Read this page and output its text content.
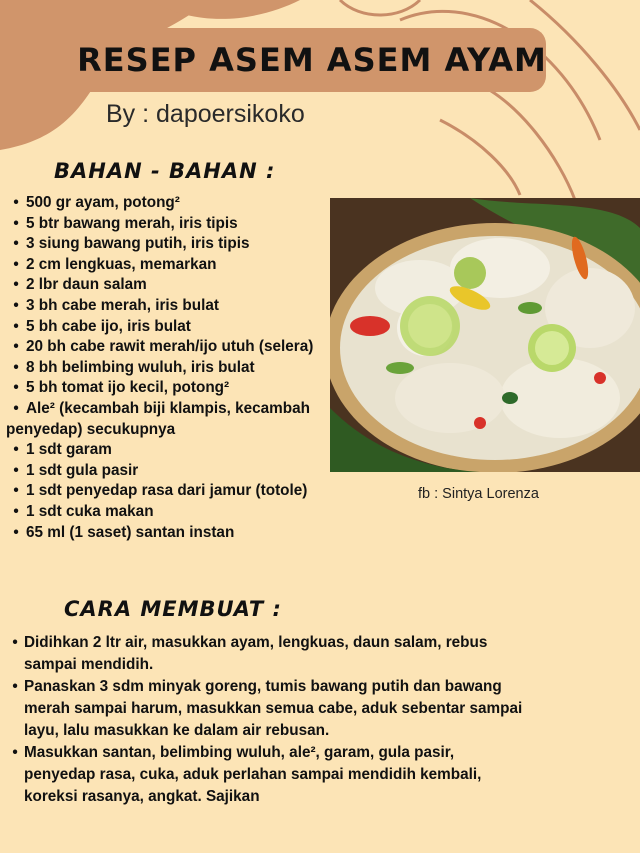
RESEP ASEM ASEM AYAM
By : dapoersikoko
BAHAN - BAHAN :
• 500 gr ayam, potong²
• 5 btr bawang merah, iris tipis
• 3 siung bawang putih, iris tipis
• 2 cm lengkuas, memarkan
• 2 lbr daun salam
• 3 bh cabe merah, iris bulat
• 5 bh cabe ijo, iris bulat
• 20 bh cabe rawit merah/ijo utuh (selera)
• 8 bh belimbing wuluh, iris bulat
• 5 bh tomat ijo kecil, potong²
• Ale² (kecambah biji klampis, kecambah penyedap) secukupnya
• 1 sdt garam
• 1 sdt gula pasir
• 1 sdt penyedap rasa dari jamur (totole)
• 1 sdt cuka makan
• 65 ml (1 saset) santan instan
fb : Sintya Lorenza
CARA MEMBUAT :
• Didihkan 2 ltr air, masukkan ayam, lengkuas, daun salam, rebus sampai mendidih.
• Panaskan 3 sdm minyak goreng, tumis bawang putih dan bawang merah sampai harum, masukkan semua cabe, aduk sebentar sampai layu, lalu masukkan ke dalam air rebusan.
• Masukkan santan, belimbing wuluh, ale², garam, gula pasir, penyedap rasa, cuka, aduk perlahan sampai mendidih kembali, koreksi rasanya, angkat. Sajikan
